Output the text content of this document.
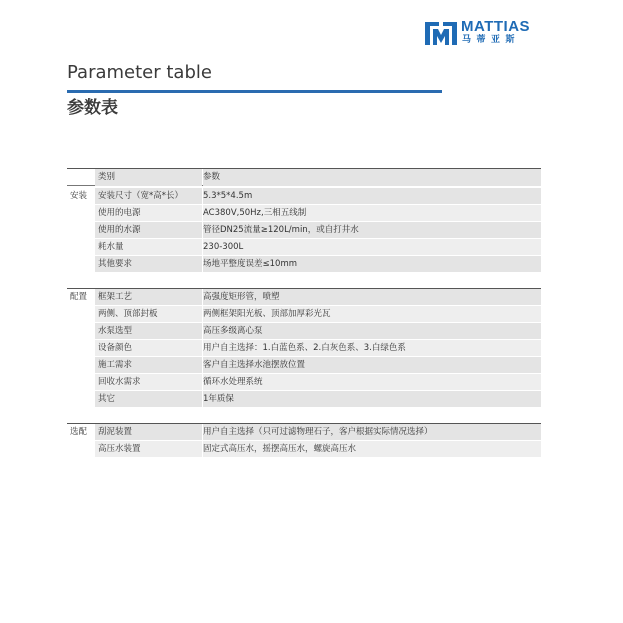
MATTIAS
马蒂亚斯
Parameter table
参数表
类别	参数
安装	安装尺寸（宽*高*长）	5.3*5*4.5m
使用的电源	AC380V,50Hz,三相五线制
使用的水源	管径DN25流量≥120L/min，或自打井水
耗水量	230-300L
其他要求	场地平整度误差≤10mm
配置	框架工艺	高强度矩形管，喷塑
两侧、顶部封板	两侧框架阳光板、顶部加厚彩光瓦
水泵选型	高压多级离心泵
设备颜色	用户自主选择：1.白蓝色系、2.白灰色系、3.白绿色系
施工需求	客户自主选择水池摆放位置
回收水需求	循环水处理系统
其它	1年质保
选配	刮泥装置	用户自主选择（只可过滤物理石子，客户根据实际情况选择）
高压水装置	固定式高压水，摇摆高压水，螺旋高压水
